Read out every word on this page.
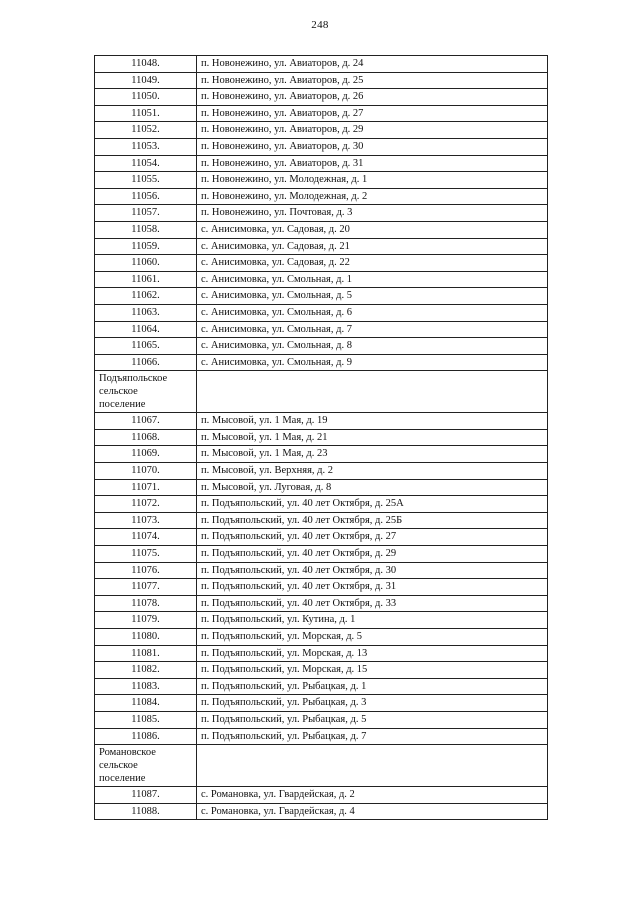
248
11048.	п. Новонежино, ул. Авиаторов, д. 24
11049.	п. Новонежино, ул. Авиаторов, д. 25
11050.	п. Новонежино, ул. Авиаторов, д. 26
11051.	п. Новонежино, ул. Авиаторов, д. 27
11052.	п. Новонежино, ул. Авиаторов, д. 29
11053.	п. Новонежино, ул. Авиаторов, д. 30
11054.	п. Новонежино, ул. Авиаторов, д. 31
11055.	п. Новонежино, ул. Молодежная, д. 1
11056.	п. Новонежино, ул. Молодежная, д. 2
11057.	п. Новонежино, ул. Почтовая, д. 3
11058.	с. Анисимовка, ул. Садовая, д. 20
11059.	с. Анисимовка, ул. Садовая, д. 21
11060.	с. Анисимовка, ул. Садовая, д. 22
11061.	с. Анисимовка, ул. Смольная, д. 1
11062.	с. Анисимовка, ул. Смольная, д. 5
11063.	с. Анисимовка, ул. Смольная, д. 6
11064.	с. Анисимовка, ул. Смольная, д. 7
11065.	с. Анисимовка, ул. Смольная, д. 8
11066.	с. Анисимовка, ул. Смольная, д. 9

Подъяпольское
сельское
поселение	

11067.	п. Мысовой, ул. 1 Мая, д. 19
11068.	п. Мысовой, ул. 1 Мая, д. 21
11069.	п. Мысовой, ул. 1 Мая, д. 23
11070.	п. Мысовой, ул. Верхняя, д. 2
11071.	п. Мысовой, ул. Луговая, д. 8
11072.	п. Подъяпольский, ул. 40 лет Октября, д. 25А
11073.	п. Подъяпольский, ул. 40 лет Октября, д. 25Б
11074.	п. Подъяпольский, ул. 40 лет Октября, д. 27
11075.	п. Подъяпольский, ул. 40 лет Октября, д. 29
11076.	п. Подъяпольский, ул. 40 лет Октября, д. 30
11077.	п. Подъяпольский, ул. 40 лет Октября, д. 31
11078.	п. Подъяпольский, ул. 40 лет Октября, д. 33
11079.	п. Подъяпольский, ул. Кутина, д. 1
11080.	п. Подъяпольский, ул. Морская, д. 5
11081.	п. Подъяпольский, ул. Морская, д. 13
11082.	п. Подъяпольский, ул. Морская, д. 15
11083.	п. Подъяпольский, ул. Рыбацкая, д. 1
11084.	п. Подъяпольский, ул. Рыбацкая, д. 3
11085.	п. Подъяпольский, ул. Рыбацкая, д. 5
11086.	п. Подъяпольский, ул. Рыбацкая, д. 7

Романовское
сельское
поселение	

11087.	с. Романовка, ул. Гвардейская, д. 2
11088.	с. Романовка, ул. Гвардейская, д. 4
